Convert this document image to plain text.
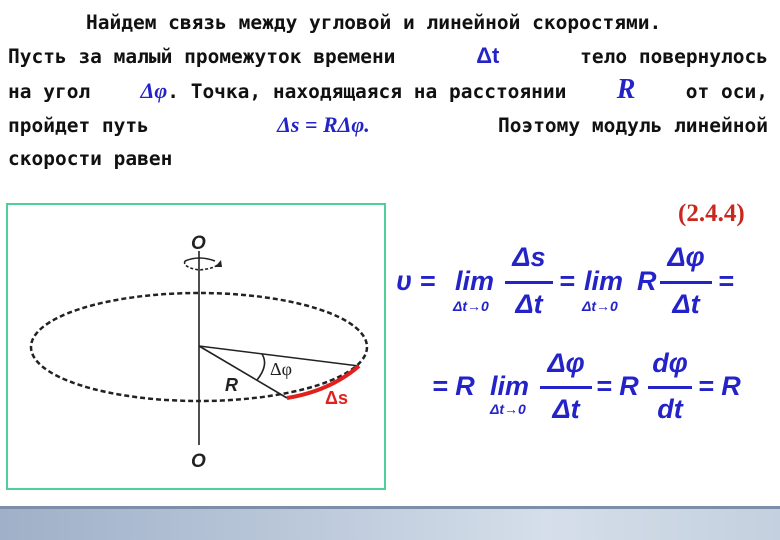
Найдем связь между угловой и линейной скоростями.
Пусть за малый промежуток времени	Δt	тело повернулось
на угол Δφ. Точка, находящаяся на расстоянии R	от оси,
пройдет путь	Δs = RΔφ.	Поэтому модуль линейной
скорости равен
O
O
R
Δφ
Δs
(2.4.4)
υ = lim
Δt→0
Δs
Δt
= lim
Δt→0
R
Δφ
Δt
=
= R lim
Δt→0
Δφ
Δt
= R
dφ
dt
= R
